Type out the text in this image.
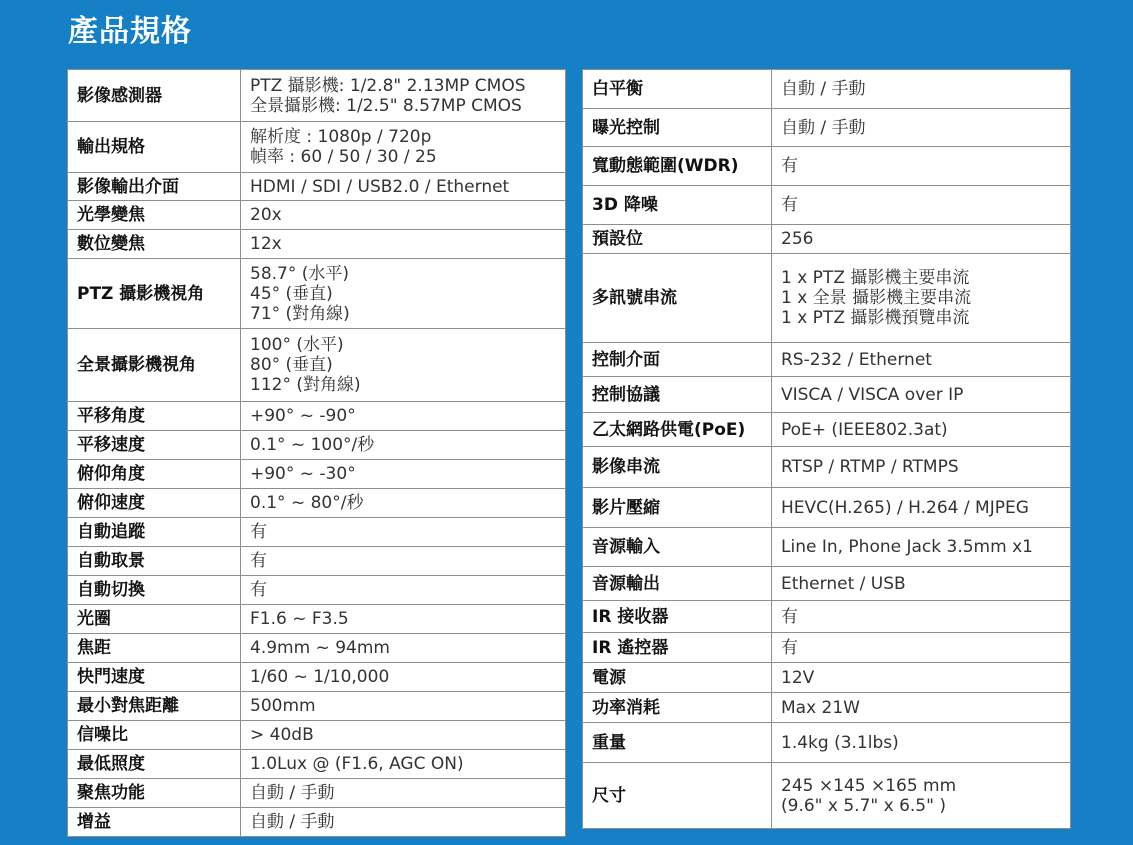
產品規格
影像感測器	PTZ 攝影機: 1/2.8" 2.13MP CMOS
全景攝影機: 1/2.5" 8.57MP CMOS

輸出規格	解析度 : 1080p / 720p
幀率 : 60 / 50 / 30 / 25

影像輸出介面	HDMI / SDI / USB2.0 / Ethernet

光學變焦	20x

數位變焦	12x

PTZ 攝影機視角	58.7° (水平)
45° (垂直)
71° (對角線)

全景攝影機視角	100° (水平)
80° (垂直)
112° (對角線)

平移角度	+90° ~ -90°

平移速度	0.1° ~ 100°/秒

俯仰角度	+90° ~ -30°

俯仰速度	0.1° ~ 80°/秒

自動追蹤	有

自動取景	有

自動切換	有

光圈	F1.6 ~ F3.5

焦距	4.9mm ~ 94mm

快門速度	1/60 ~ 1/10,000

最小對焦距離	500mm

信噪比	> 40dB

最低照度	1.0Lux @ (F1.6, AGC ON)

聚焦功能	自動 / 手動

增益	自動 / 手動
白平衡	自動 / 手動

曝光控制	自動 / 手動

寬動態範圍(WDR)	有

3D 降噪	有

預設位	256

多訊號串流	1 x PTZ 攝影機主要串流
1 x 全景 攝影機主要串流
1 x PTZ 攝影機預覽串流

控制介面	RS-232 / Ethernet

控制協議	VISCA / VISCA over IP

乙太網路供電(PoE)	PoE+ (IEEE802.3at)

影像串流	RTSP / RTMP / RTMPS

影片壓縮	HEVC(H.265) / H.264 / MJPEG

音源輸入	Line In, Phone Jack 3.5mm x1

音源輸出	Ethernet / USB

IR 接收器	有

IR 遙控器	有

電源	12V

功率消耗	Max 21W

重量	1.4kg (3.1lbs)

尺寸	245 ×145 ×165 mm
(9.6" x 5.7" x 6.5" )
